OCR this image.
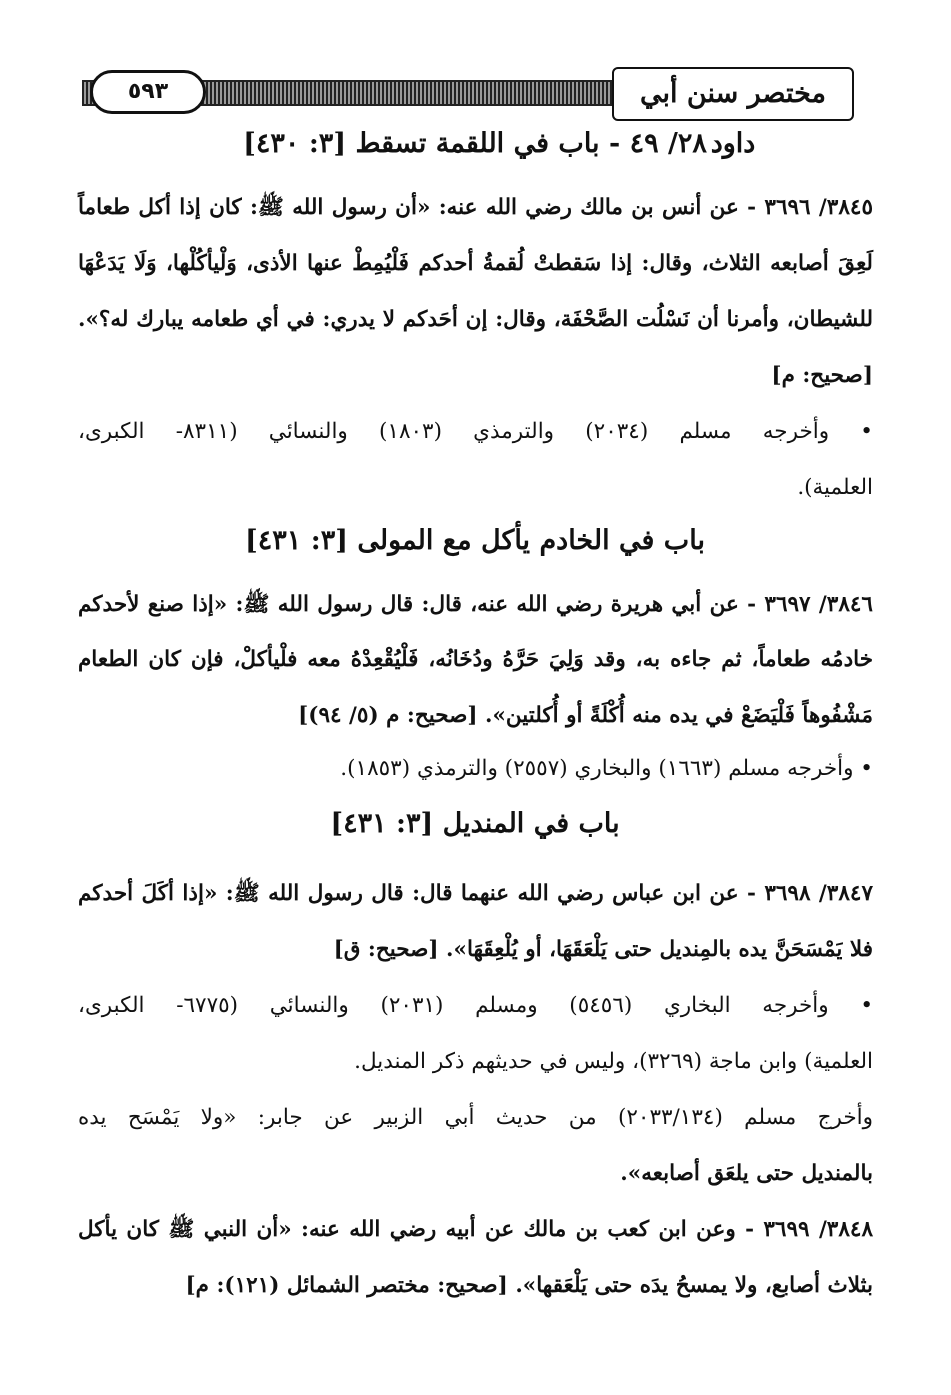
٥٩٣	مختصر سنن أبي داود
٢٨/ ٤٩ - باب في اللقمة تسقط [٣: ٤٣٠]
٣٨٤٥/ ٣٦٩٦ - عن أنس بن مالك رضي الله عنه: «أن رسول الله ﷺ: كان إذا أكل طعاماً
لَعِقَ أصابعه الثلاث، وقال: إذا سَقطتْ لُقمةُ أحدكم فَلْيُمِطْ عنها الأذى، وَلْيأكُلْها، وَلَا يَدَعْهَا
للشيطان، وأمرنا أن نَسْلُت الصَّحْفَة، وقال: إن أحَدكم لا يدري: في أي طعامه يبارك له؟».
[صحيح: م]
• وأخرجه مسلم (٢٠٣٤) والترمذي (١٨٠٣) والنسائي (٨٣١١- الكبرى،
العلمية).
باب في الخادم يأكل مع المولى [٣: ٤٣١]
٣٨٤٦/ ٣٦٩٧ - عن أبي هريرة رضي الله عنه، قال: قال رسول الله ﷺ: «إذا صنع لأحدكم
خادمُه طعاماً، ثم جاءه به، وقد وَلِيَ حَرَّهُ ودُخَانُه، فَلْيُقْعِدْهُ معه فلْيأكلْ، فإن كان الطعام
مَشْفُوهاً فَلْيَضَعْ في يده منه أُكْلَةً أو أُكلتين». [صحيح: م (٥/ ٩٤)]
• وأخرجه مسلم (١٦٦٣) والبخاري (٢٥٥٧) والترمذي (١٨٥٣).
باب في المنديل [٣: ٤٣١]
٣٨٤٧/ ٣٦٩٨ - عن ابن عباس رضي الله عنهما قال: قال رسول الله ﷺ: «إذا أكَلَ أحدكم
فلا يَمْسَحَنَّ يده بالمِنديل حتى يَلْعَقَهَا، أو يُلْعِقَهَا». [صحيح: ق]
• وأخرجه البخاري (٥٤٥٦) ومسلم (٢٠٣١) والنسائي (٦٧٧٥- الكبرى،
العلمية) وابن ماجة (٣٢٦٩)، وليس في حديثهم ذكر المنديل.
وأخرج مسلم (٢٠٣٣/١٣٤) من حديث أبي الزبير عن جابر: «ولا يَمْسَح يده
بالمنديل حتى يلعَق أصابعه».
٣٨٤٨/ ٣٦٩٩ - وعن ابن كعب بن مالك عن أبيه رضي الله عنه: «أن النبي ﷺ كان يأكل
بثلاث أصابع، ولا يمسحُ يدَه حتى يَلْعَقها». [صحيح: مختصر الشمائل (١٢١): م]
